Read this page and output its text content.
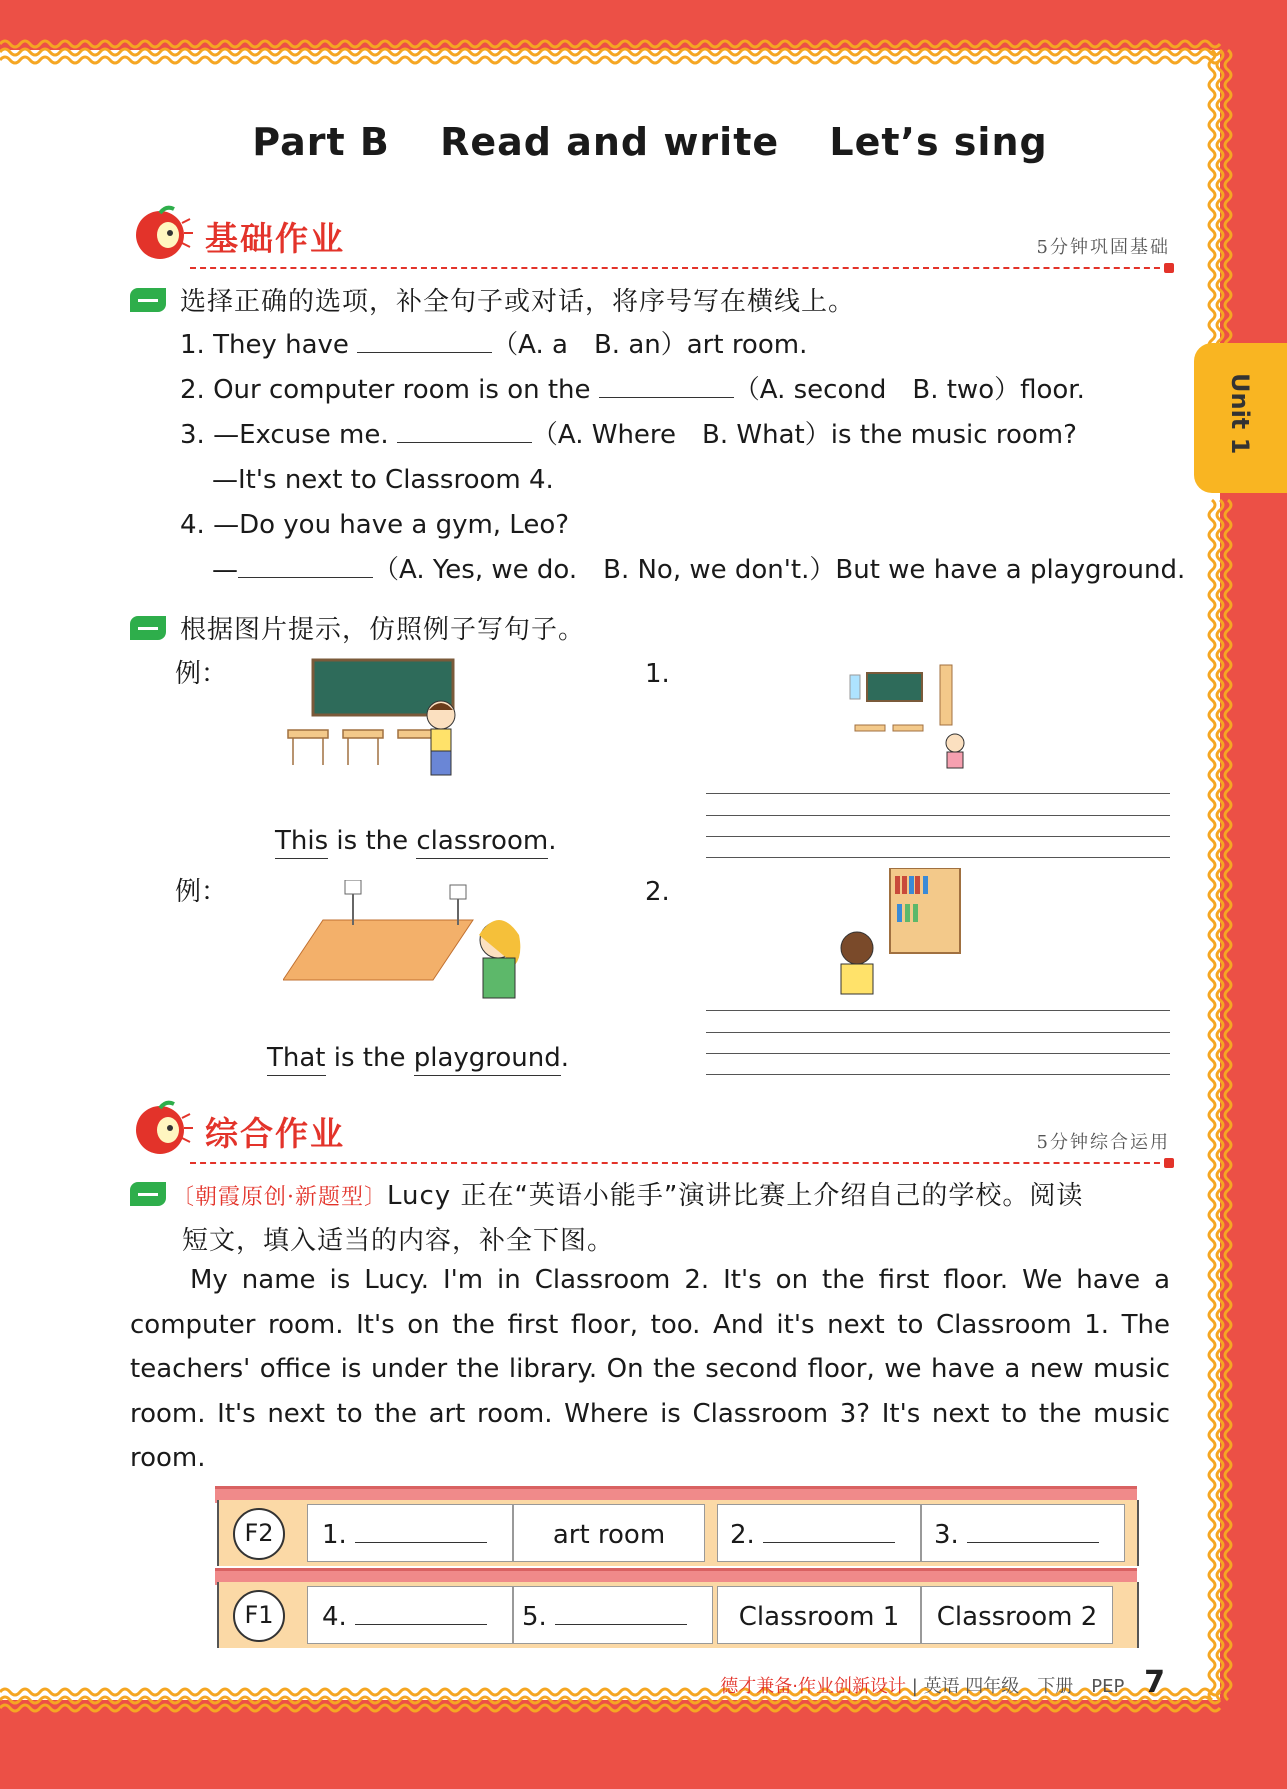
Unit 1
Part B Read and write Let’s sing
基础作业	5分钟巩固基础
选择正确的选项，补全句子或对话，将序号写在横线上。
1. They have	（A. a　B. an）art room.
2. Our computer room is on the	（A. second　B. two）floor.
3. —Excuse me.	（A. Where　B. What）is the music room?
—It's next to Classroom 4.
4. —Do you have a gym, Leo?
—	（A. Yes, we do.　B. No, we don't.）But we have a playground.
根据图片提示，仿照例子写句子。
例：	1.
This is the classroom.
例：	2.
That is the playground.
综合作业	5分钟综合运用
〔朝霞原创·新题型〕Lucy 正在“英语小能手”演讲比赛上介绍自己的学校。阅读
短文，填入适当的内容，补全下图。
My name is Lucy. I'm in Classroom 2. It's on the first floor. We have a computer room. It's on the first floor, too. And it's next to Classroom 1. The teachers' office is under the library. On the second floor, we have a new music room. It's next to the art room. Where is Classroom 3? It's next to the music room.
F2	1.	art room	2.	3.
F1	4.	5.	Classroom 1	Classroom 2
德才兼备·作业创新设计 | 英语 四年级　下册　PEP 7
